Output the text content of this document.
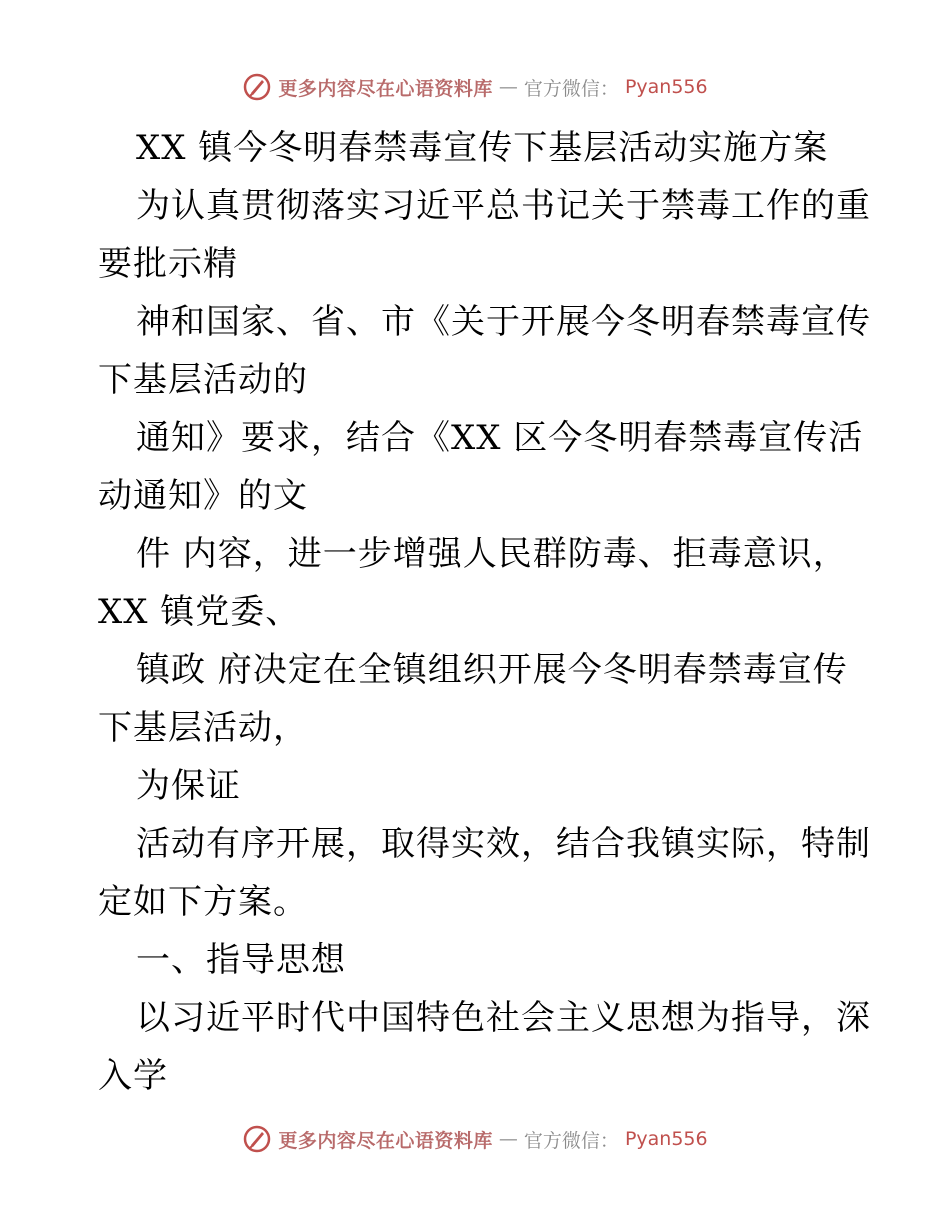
更多内容尽在心语资料库 — 官方微信： Pyan556
XX 镇今冬明春禁毒宣传下基层活动实施方案
为认真贯彻落实习近平总书记关于禁毒工作的重
要批示精
神和国家、省、市《关于开展今冬明春禁毒宣传
下基层活动的
通知》要求，结合《XX 区今冬明春禁毒宣传活
动通知》的文
件 内容，进一步增强人民群防毒、拒毒意识，
XX 镇党委、
镇政 府决定在全镇组织开展今冬明春禁毒宣传
下基层活动，
为保证
活动有序开展，取得实效，结合我镇实际，特制
定如下方案。
一、指导思想
以习近平时代中国特色社会主义思想为指导，深
入学
更多内容尽在心语资料库 — 官方微信： Pyan556
